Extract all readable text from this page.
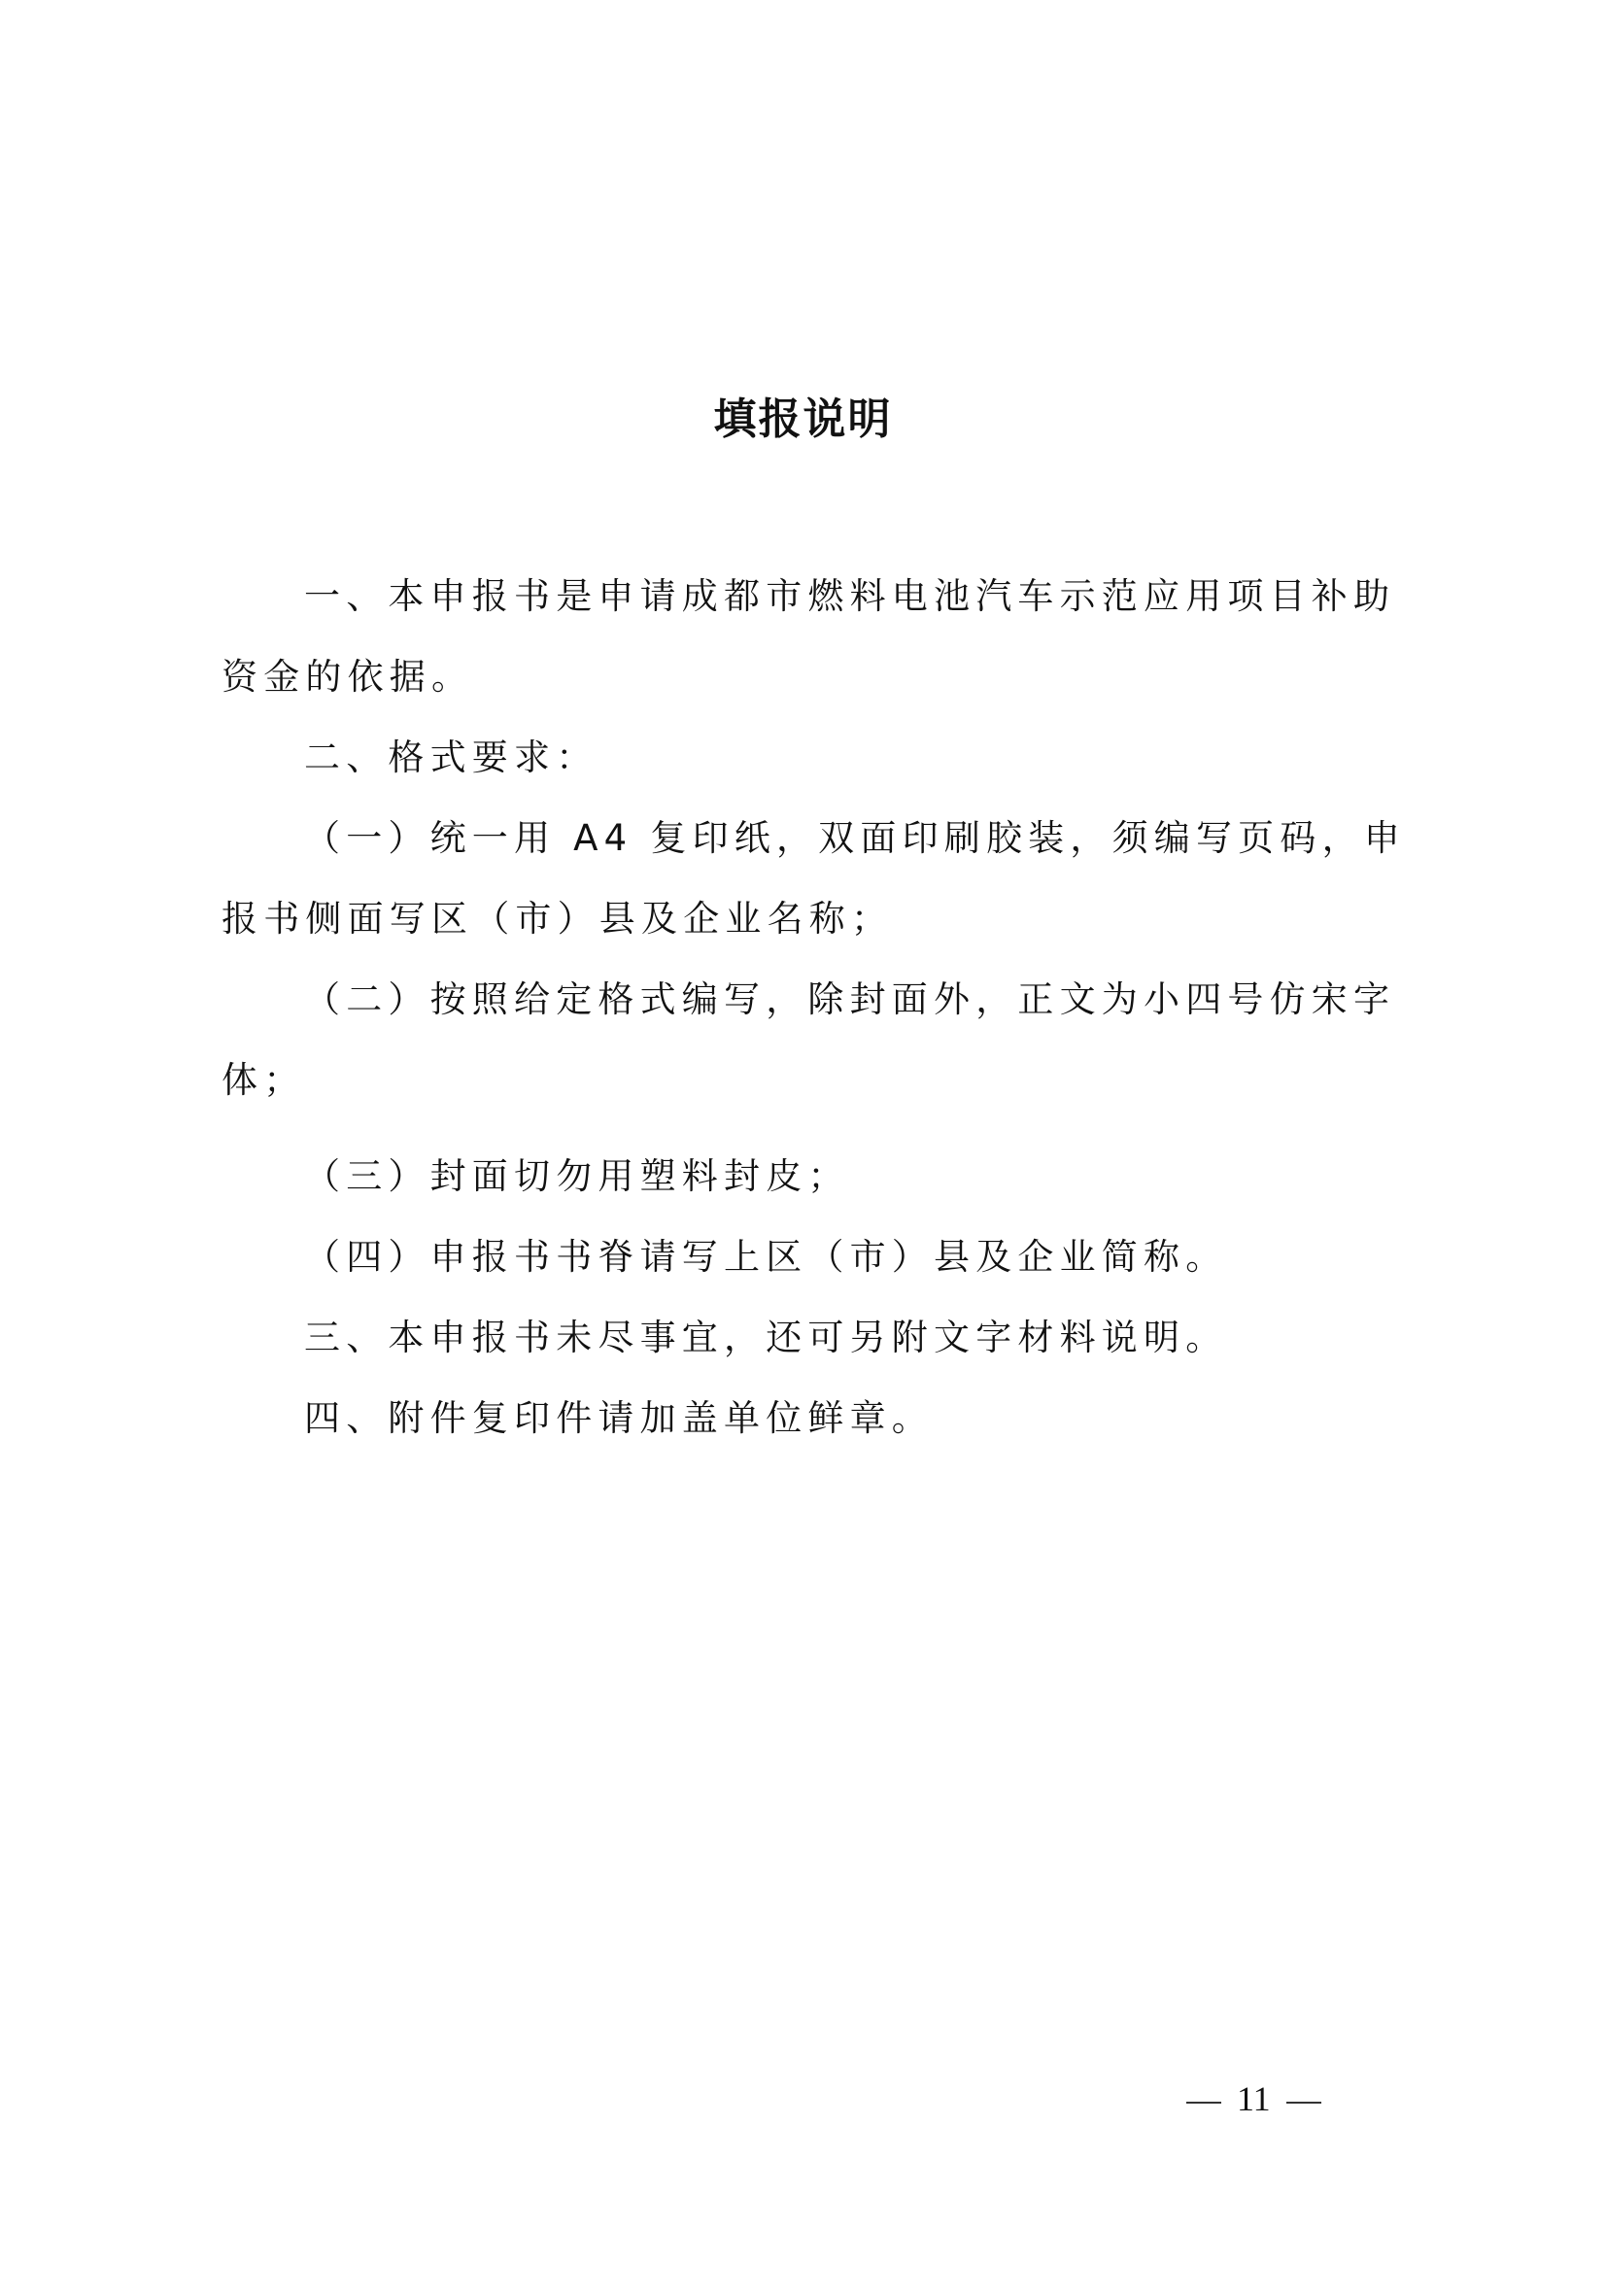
填报说明
一、本申报书是申请成都市燃料电池汽车示范应用项目补助
资金的依据。
二、格式要求：
（一）统一用 A4 复印纸，双面印刷胶装，须编写页码，申
报书侧面写区（市）县及企业名称；
（二）按照给定格式编写，除封面外，正文为小四号仿宋字
体；
（三）封面切勿用塑料封皮；
（四）申报书书脊请写上区（市）县及企业简称。
三、本申报书未尽事宜，还可另附文字材料说明。
四、附件复印件请加盖单位鲜章。
11
